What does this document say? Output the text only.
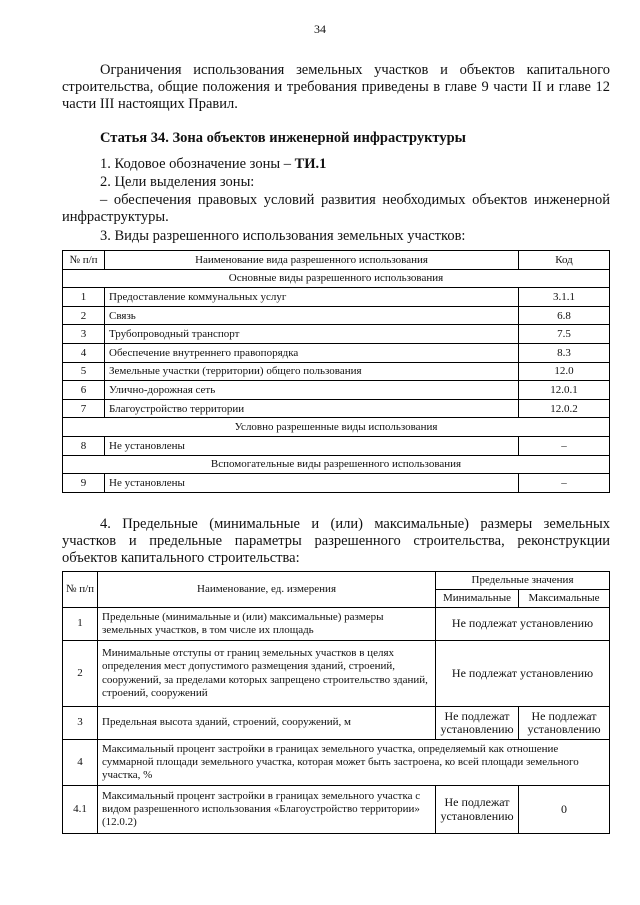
34
Ограничения использования земельных участков и объектов капитального строительства, общие положения и требования приведены в главе 9 части II и главе 12 части III настоящих Правил.
Статья 34. Зона объектов инженерной инфраструктуры
1. Кодовое обозначение зоны – ТИ.1
2. Цели выделения зоны:
– обеспечения правовых условий развития необходимых объектов инженерной инфраструктуры.
3. Виды разрешенного использования земельных участков:
№ п/п	Наименование вида разрешенного использования	Код
Основные виды разрешенного использования		
1	Предоставление коммунальных услуг	3.1.1
2	Связь	6.8
3	Трубопроводный транспорт	7.5
4	Обеспечение внутреннего правопорядка	8.3
5	Земельные участки (территории) общего пользования	12.0
6	Улично-дорожная сеть	12.0.1
7	Благоустройство территории	12.0.2
Условно разрешенные виды использования		
8	Не установлены	–
Вспомогательные виды разрешенного использования		
9	Не установлены	–
4. Предельные (минимальные и (или) максимальные) размеры земельных участков и предельные параметры разрешенного строительства, реконструкции объектов капитального строительства:
№ п/п	Наименование, ед. измерения	Предельные значения	
		Минимальные	Максимальные
1	Предельные (минимальные и (или) максимальные) размеры земельных участков, в том числе их площадь	Не подлежат установлению	
2	Минимальные отступы от границ земельных участков в целях определения мест допустимого размещения зданий, строений, сооружений, за пределами которых запрещено строительство зданий, строений, сооружений	Не подлежат установлению	
3	Предельная высота зданий, строений, сооружений, м	Не подлежат установлению	Не подлежат установлению
4	Максимальный процент застройки в границах земельного участка, определяемый как отношение суммарной площади земельного участка, которая может быть застроена, ко всей площади земельного участка, %		
4.1	Максимальный процент застройки в границах земельного участка с видом разрешенного использования «Благоустройство территории» (12.0.2)	Не подлежат установлению	0
